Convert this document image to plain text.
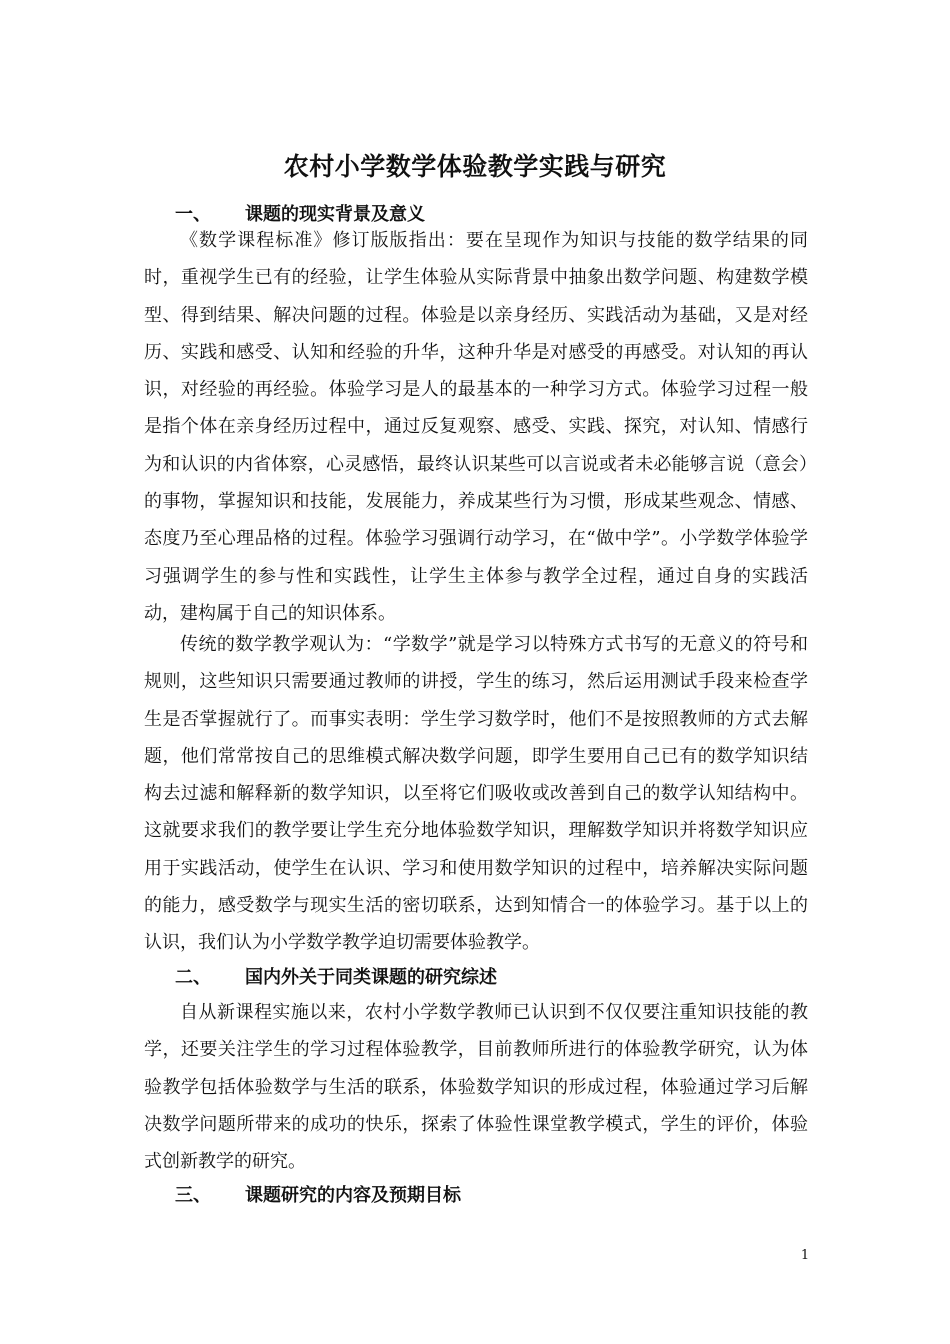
农村小学数学体验教学实践与研究
一、 课题的现实背景及意义

《数学课程标准》修订版版指出：要在呈现作为知识与技能的数学结果的同时，重视学生已有的经验，让学生体验从实际背景中抽象出数学问题、构建数学模型、得到结果、解决问题的过程。体验是以亲身经历、实践活动为基础，又是对经历、实践和感受、认知和经验的升华，这种升华是对感受的再感受。对认知的再认识，对经验的再经验。体验学习是人的最基本的一种学习方式。体验学习过程一般是指个体在亲身经历过程中，通过反复观察、感受、实践、探究，对认知、情感行为和认识的内省体察，心灵感悟，最终认识某些可以言说或者未必能够言说（意会）的事物，掌握知识和技能，发展能力，养成某些行为习惯，形成某些观念、情感、态度乃至心理品格的过程。体验学习强调行动学习，在“做中学”。小学数学体验学习强调学生的参与性和实践性，让学生主体参与教学全过程，通过自身的实践活动，建构属于自己的知识体系。

传统的数学教学观认为：“学数学”就是学习以特殊方式书写的无意义的符号和规则，这些知识只需要通过教师的讲授，学生的练习，然后运用测试手段来检查学生是否掌握就行了。而事实表明：学生学习数学时，他们不是按照教师的方式去解题，他们常常按自己的思维模式解决数学问题，即学生要用自己已有的数学知识结构去过滤和解释新的数学知识，以至将它们吸收或改善到自己的数学认知结构中。这就要求我们的教学要让学生充分地体验数学知识，理解数学知识并将数学知识应用于实践活动，使学生在认识、学习和使用数学知识的过程中，培养解决实际问题的能力，感受数学与现实生活的密切联系，达到知情合一的体验学习。基于以上的认识，我们认为小学数学教学迫切需要体验教学。

二、 国内外关于同类课题的研究综述

自从新课程实施以来，农村小学数学教师已认识到不仅仅要注重知识技能的教学，还要关注学生的学习过程体验教学，目前教师所进行的体验教学研究，认为体验教学包括体验数学与生活的联系，体验数学知识的形成过程，体验通过学习后解决数学问题所带来的成功的快乐，探索了体验性课堂教学模式，学生的评价，体验式创新教学的研究。

三、 课题研究的内容及预期目标
1
